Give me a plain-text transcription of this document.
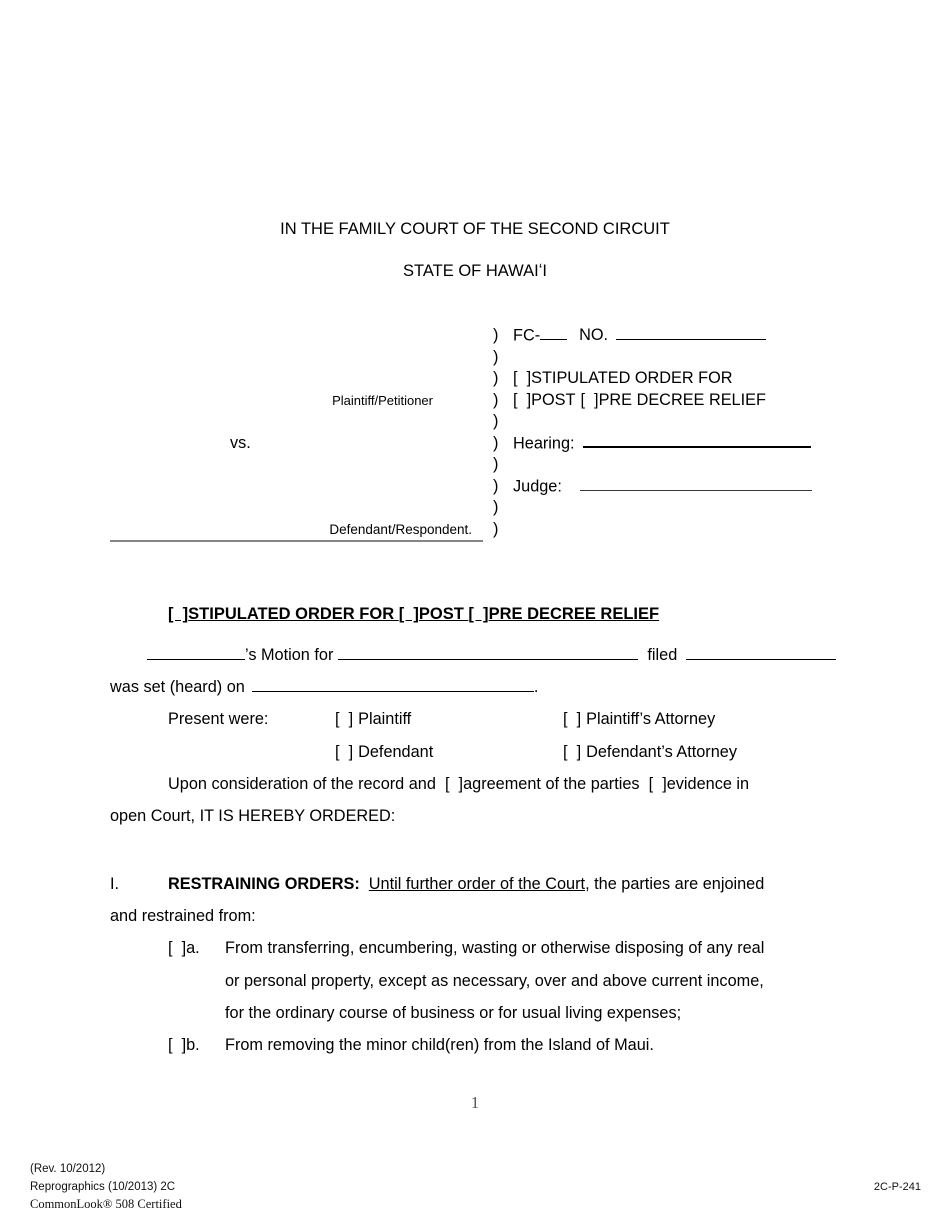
IN THE FAMILY COURT OF THE SECOND CIRCUIT
STATE OF HAWAIʻI
) FC- NO.
)
) [  ]STIPULATED ORDER FOR
Plaintiff/Petitioner	) [  ]POST [  ]PRE DECREE RELIEF
)
vs.	) Hearing:
)
) Judge:
)
Defendant/Respondent.	)
[  ]STIPULATED ORDER FOR [  ]POST [  ]PRE DECREE RELIEF
’s Motion for	filed
was set (heard) on	.
Present were:	[  ] Plaintiff	[  ] Plaintiff’s Attorney
[  ] Defendant	[  ] Defendant’s Attorney
Upon consideration of the record and  [  ]agreement of the parties  [  ]evidence in
open Court, IT IS HEREBY ORDERED:
I.	RESTRAINING ORDERS: Until further order of the Court, the parties are enjoined
and restrained from:
[  ]a. From transferring, encumbering, wasting or otherwise disposing of any real
or personal property, except as necessary, over and above current income,
for the ordinary course of business or for usual living expenses;
[  ]b. From removing the minor child(ren) from the Island of Maui.
1
(Rev. 10/2012)
Reprographics (10/2013) 2C
CommonLook® 508 Certified
2C-P-241
